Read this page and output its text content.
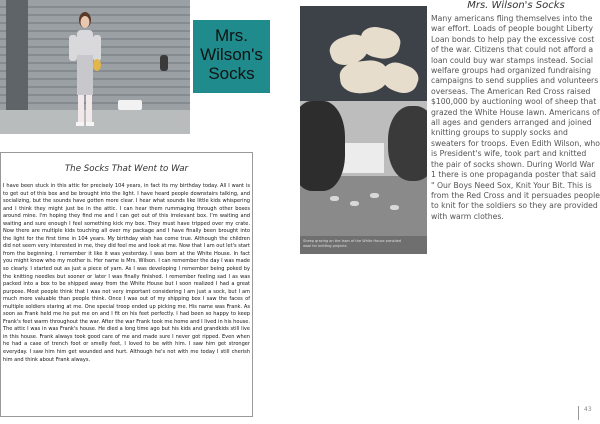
Mrs.
Wilson's
Socks
Sheep grazing on the lawn of the White House provided
wool for knitting projects
Mrs. Wilson's Socks
Many americans fling themselves into the war effort. Loads of people bought Liberty Loan bonds to help pay the excessive cost of the war. Citizens that could not afford a loan could buy war stamps instead. Social welfare groups had organized fundraising campaigns to send supplies and volunteers overseas. The American Red Cross raised $100,000 by auctioning wool of sheep that grazed the White House lawn. Americans of all ages and genders arranged and joined knitting groups to supply socks and sweaters for troops. Even Edith Wilson, who is President's wife, took part and knitted the pair of socks shown. During World War 1 there is one propaganda poster that said " Our Boys Need Sox, Knit Your Bit. This is from the Red Cross and it persuades people to knit for the soldiers so they are provided with warm clothes.
The Socks That Went to War
I have been stuck in this attic for precisely 104 years, in fact its my birthday today. All I want is to get out of this box and be brought into the light. I have heard people downstairs talking, and socializing, but the sounds have gotten more clear. I hear what sounds like little kids whispering and I think they might just be in the attic. I can hear them rummaging through other boxes around mine. I'm hoping they find me and I can get out of this irrelevant box. I'm waiting and waiting and sure enough I feel something kick my box. They must have tripped over my crate. Now there are multiple kids touching all over my package and I have finally been brought into the light for the first time in 104 years. My birthday wish has come true. Although the children did not seem very interested in me, they did feel me and look at me. Now that I am out let's start from the beginning. I remember it like it was yesterday. I was born at the White House. In fact you might know who my mother is. Her name is Mrs. Wilson. I can remember the day I was made so clearly. I started out as just a piece of yarn. As I was developing I remember being poked by the knitting needles but sooner or later I was finally finished. I remember feeling sad I as was packed into a box to be shipped away from the White House but I soon realized I had a great purpose. Most people think that I was not very important considering I am just a sock, but I am much more valuable than people think. Once I was out of my shipping box I saw the faces of multiple soldiers staring at me. One special troop ended up picking me. His name was Frank. As soon as Frank held me he put me on and I fit on his feet perfectly. I had been so happy to keep Frank's feet warm throughout the war. After the war Frank took me home and I lived in his house. The attic I was in was Frank's house. He died a long time ago but his kids and grandkids still live in this house. Frank always took good care of me and made sure I never got ripped. Even when he had a case of trench foot or smelly feet, I loved to be with him. I saw him get stronger everyday. I saw him him get wounded and hurt. Although he's not with me today I still cherish him and think about Frank always.
43
